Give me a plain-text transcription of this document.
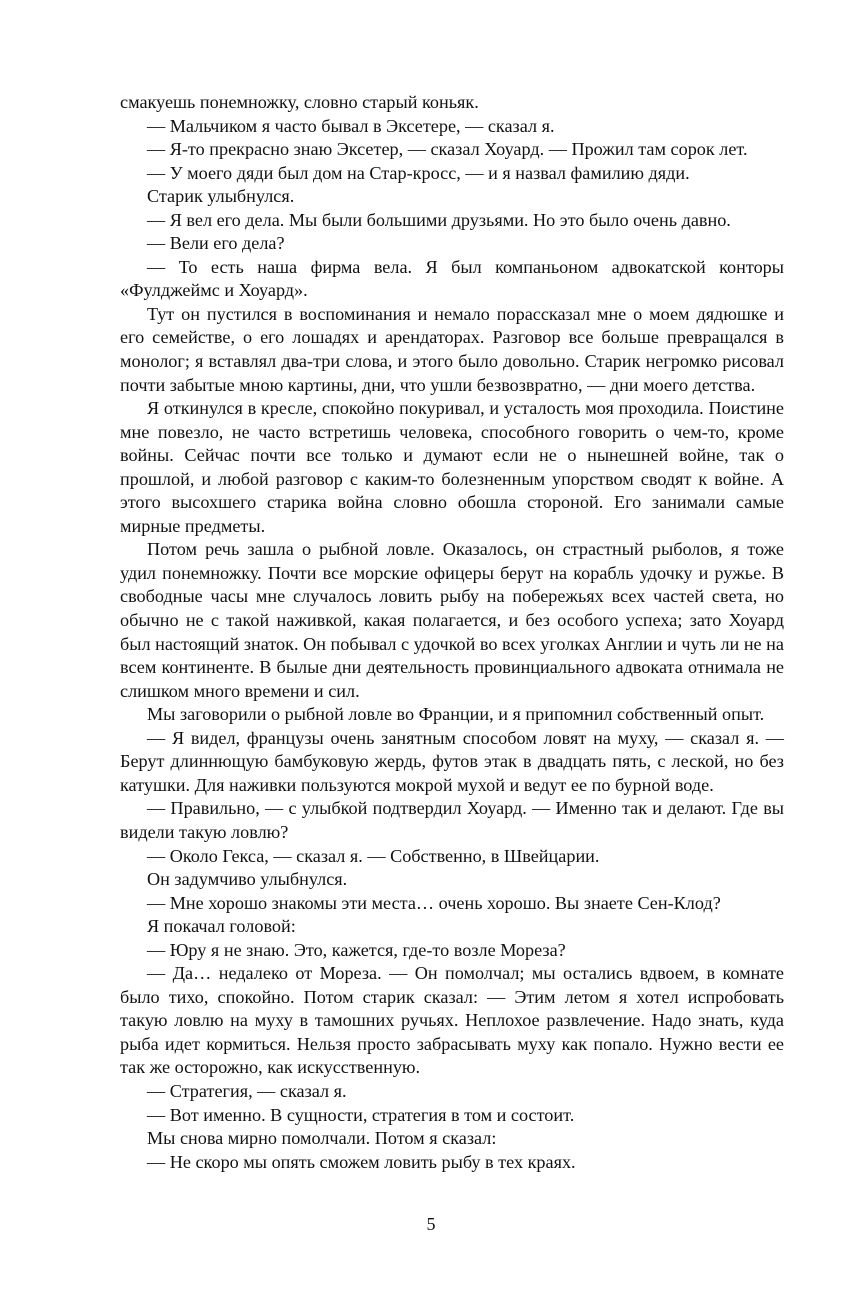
смакуешь понемножку, словно старый коньяк.

— Мальчиком я часто бывал в Эксетере, — сказал я.

— Я-то прекрасно знаю Эксетер, — сказал Хоуард. — Прожил там сорок лет.

— У моего дяди был дом на Стар-кросс, — и я назвал фамилию дяди.

Старик улыбнулся.

— Я вел его дела. Мы были большими друзьями. Но это было очень давно.

— Вели его дела?

— То есть наша фирма вела. Я был компаньоном адвокатской конторы «Фулджеймс и Хоуард».

Тут он пустился в воспоминания и немало порассказал мне о моем дядюшке и его семействе, о его лошадях и арендаторах. Разговор все больше превращался в монолог; я вставлял два-три слова, и этого было довольно. Старик негромко рисовал почти забытые мною картины, дни, что ушли безвозвратно, — дни моего детства.

Я откинулся в кресле, спокойно покуривал, и усталость моя проходила. Поистине мне повезло, не часто встретишь человека, способного говорить о чем-то, кроме войны. Сейчас почти все только и думают если не о нынешней войне, так о прошлой, и любой разговор с каким-то болезненным упорством сводят к войне. А этого высохшего старика война словно обошла стороной. Его занимали самые мирные предметы.

Потом речь зашла о рыбной ловле. Оказалось, он страстный рыболов, я тоже удил понемножку. Почти все морские офицеры берут на корабль удочку и ружье. В свободные часы мне случалось ловить рыбу на побережьях всех частей света, но обычно не с такой наживкой, какая полагается, и без особого успеха; зато Хоуард был настоящий знаток. Он побывал с удочкой во всех уголках Англии и чуть ли не на всем континенте. В былые дни деятельность провинциального адвоката отнимала не слишком много времени и сил.

Мы заговорили о рыбной ловле во Франции, и я припомнил собственный опыт.

— Я видел, французы очень занятным способом ловят на муху, — сказал я. — Берут длиннющую бамбуковую жердь, футов этак в двадцать пять, с леской, но без катушки. Для наживки пользуются мокрой мухой и ведут ее по бурной воде.

— Правильно, — с улыбкой подтвердил Хоуард. — Именно так и делают. Где вы видели такую ловлю?

— Около Гекса, — сказал я. — Собственно, в Швейцарии.

Он задумчиво улыбнулся.

— Мне хорошо знакомы эти места… очень хорошо. Вы знаете Сен-Клод?

Я покачал головой:

— Юру я не знаю. Это, кажется, где-то возле Мореза?

— Да… недалеко от Мореза. — Он помолчал; мы остались вдвоем, в комнате было тихо, спокойно. Потом старик сказал: — Этим летом я хотел испробовать такую ловлю на муху в тамошних ручьях. Неплохое развлечение. Надо знать, куда рыба идет кормиться. Нельзя просто забрасывать муху как попало. Нужно вести ее так же осторожно, как искусственную.

— Стратегия, — сказал я.

— Вот именно. В сущности, стратегия в том и состоит.

Мы снова мирно помолчали. Потом я сказал:

— Не скоро мы опять сможем ловить рыбу в тех краях.

5
